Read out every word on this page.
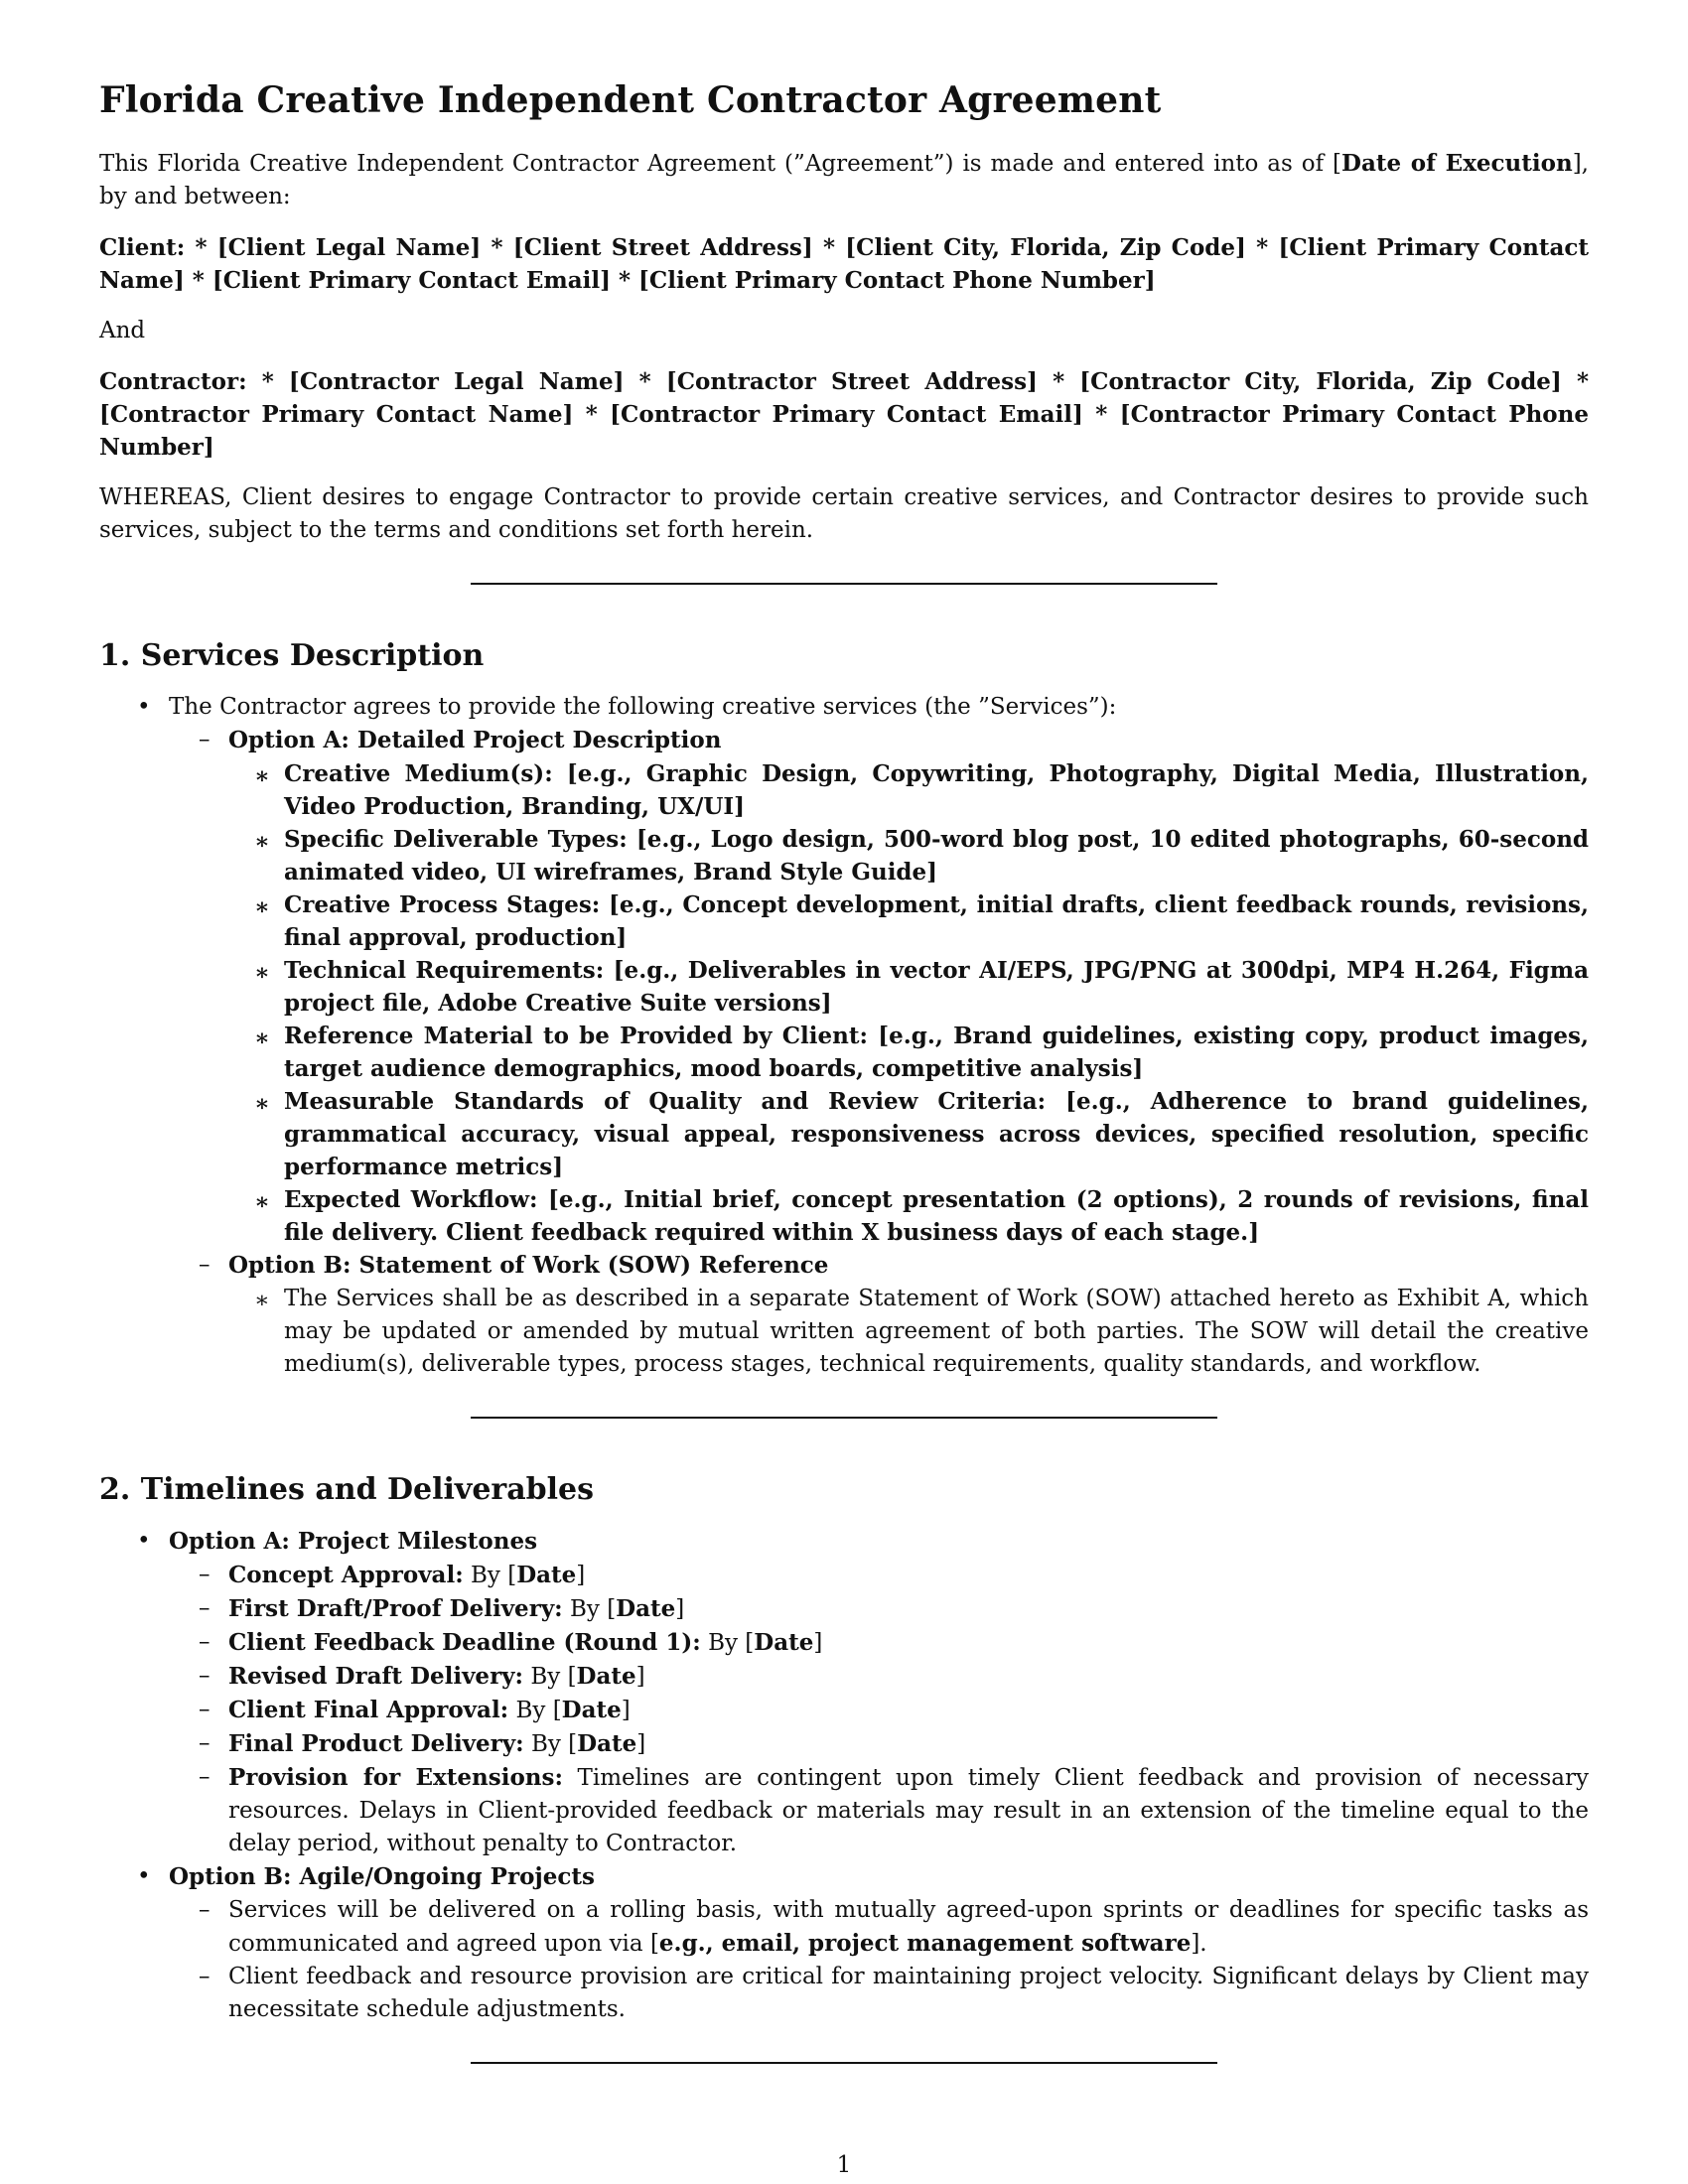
Florida Creative Independent Contractor Agreement

This Florida Creative Independent Contractor Agreement (”Agreement”) is made and entered into as of [Date of Execution], by and between:

Client: * [Client Legal Name] * [Client Street Address] * [Client City, Florida, Zip Code] * [Client Primary Contact Name] * [Client Primary Contact Email] * [Client Primary Contact Phone Number]

And

Contractor: * [Contractor Legal Name] * [Contractor Street Address] * [Contractor City, Florida, Zip Code] * [Contractor Primary Contact Name] * [Contractor Primary Contact Email] * [Contractor Primary Contact Phone Number]

WHEREAS, Client desires to engage Contractor to provide certain creative services, and Contractor desires to provide such services, subject to the terms and conditions set forth herein.

1. Services Description
• The Contractor agrees to provide the following creative services (the ”Services”):
– Option A: Detailed Project Description
∗ Creative Medium(s): [e.g., Graphic Design, Copywriting, Photography, Digital Media, Illustration, Video Production, Branding, UX/UI]
∗ Specific Deliverable Types: [e.g., Logo design, 500-word blog post, 10 edited photographs, 60-second animated video, UI wireframes, Brand Style Guide]
∗ Creative Process Stages: [e.g., Concept development, initial drafts, client feedback rounds, revisions, final approval, production]
∗ Technical Requirements: [e.g., Deliverables in vector AI/EPS, JPG/PNG at 300dpi, MP4 H.264, Figma project file, Adobe Creative Suite versions]
∗ Reference Material to be Provided by Client: [e.g., Brand guidelines, existing copy, product images, target audience demographics, mood boards, competitive analysis]
∗ Measurable Standards of Quality and Review Criteria: [e.g., Adherence to brand guidelines, grammatical accuracy, visual appeal, responsiveness across devices, specified resolution, specific performance metrics]
∗ Expected Workflow: [e.g., Initial brief, concept presentation (2 options), 2 rounds of revisions, final file delivery. Client feedback required within X business days of each stage.]
– Option B: Statement of Work (SOW) Reference
∗ The Services shall be as described in a separate Statement of Work (SOW) attached hereto as Exhibit A, which may be updated or amended by mutual written agreement of both parties. The SOW will detail the creative medium(s), deliverable types, process stages, technical requirements, quality standards, and workflow.
2. Timelines and Deliverables
• Option A: Project Milestones
– Concept Approval: By [Date]
– First Draft/Proof Delivery: By [Date]
– Client Feedback Deadline (Round 1): By [Date]
– Revised Draft Delivery: By [Date]
– Client Final Approval: By [Date]
– Final Product Delivery: By [Date]
– Provision for Extensions: Timelines are contingent upon timely Client feedback and provision of necessary resources. Delays in Client-provided feedback or materials may result in an extension of the timeline equal to the delay period, without penalty to Contractor.
• Option B: Agile/Ongoing Projects
– Services will be delivered on a rolling basis, with mutually agreed-upon sprints or deadlines for specific tasks as communicated and agreed upon via [e.g., email, project management software].
– Client feedback and resource provision are critical for maintaining project velocity. Significant delays by Client may necessitate schedule adjustments.
1
